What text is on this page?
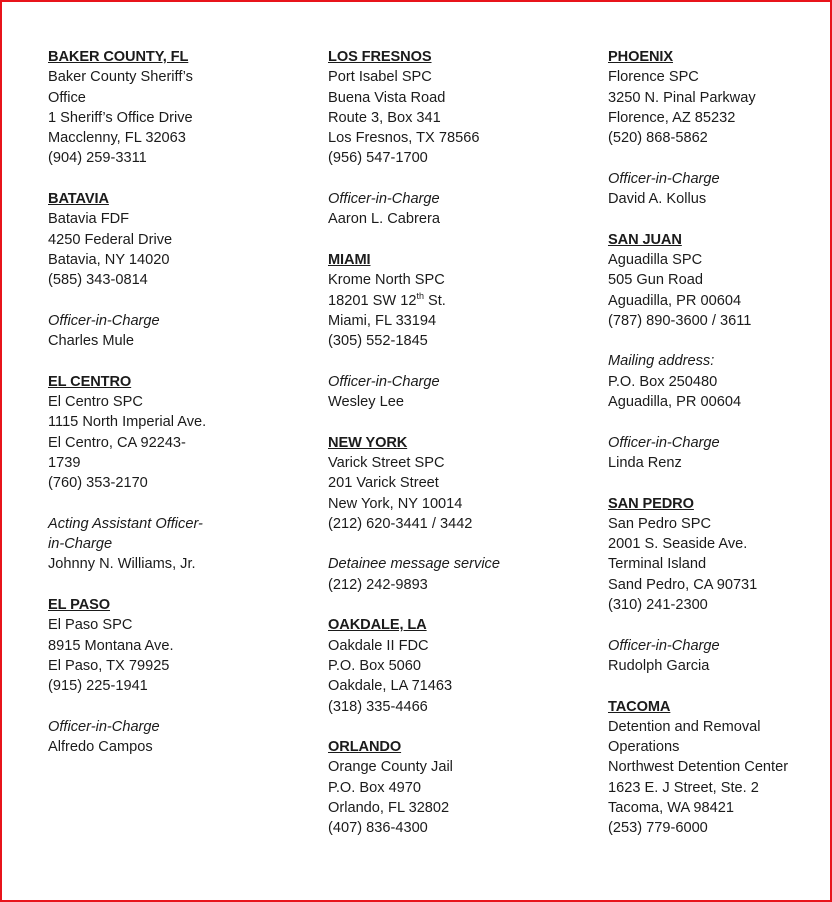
BAKER COUNTY, FL
Baker County Sheriff’s Office
1 Sheriff’s Office Drive
Macclenny, FL 32063
(904) 259-3311
BATAVIA
Batavia FDF
4250 Federal Drive
Batavia, NY 14020
(585) 343-0814
Officer-in-Charge
Charles Mule
EL CENTRO
El Centro SPC
1115 North Imperial Ave.
El Centro, CA 92243-1739
(760) 353-2170
Acting Assistant Officer-in-Charge
Johnny N. Williams, Jr.
EL PASO
El Paso SPC
8915 Montana Ave.
El Paso, TX 79925
(915) 225-1941
Officer-in-Charge
Alfredo Campos
LOS FRESNOS
Port Isabel SPC
Buena Vista Road
Route 3, Box 341
Los Fresnos, TX 78566
(956) 547-1700
Officer-in-Charge
Aaron L. Cabrera
MIAMI
Krome North SPC
18201 SW 12th St.
Miami, FL 33194
(305) 552-1845
Officer-in-Charge
Wesley Lee
NEW YORK
Varick Street SPC
201 Varick Street
New York, NY 10014
(212) 620-3441 / 3442
Detainee message service
(212) 242-9893
OAKDALE, LA
Oakdale II FDC
P.O. Box 5060
Oakdale, LA 71463
(318) 335-4466
ORLANDO
Orange County Jail
P.O. Box 4970
Orlando, FL 32802
(407) 836-4300
PHOENIX
Florence SPC
3250 N. Pinal Parkway
Florence, AZ 85232
(520) 868-5862
Officer-in-Charge
David A. Kollus
SAN JUAN
Aguadilla SPC
505 Gun Road
Aguadilla, PR 00604
(787) 890-3600 / 3611
Mailing address:
P.O. Box 250480
Aguadilla, PR 00604
Officer-in-Charge
Linda Renz
SAN PEDRO
San Pedro SPC
2001 S. Seaside Ave.
Terminal Island
Sand Pedro, CA 90731
(310) 241-2300
Officer-in-Charge
Rudolph Garcia
TACOMA
Detention and Removal Operations
Northwest Detention Center
1623 E. J Street, Ste. 2
Tacoma, WA 98421
(253) 779-6000
